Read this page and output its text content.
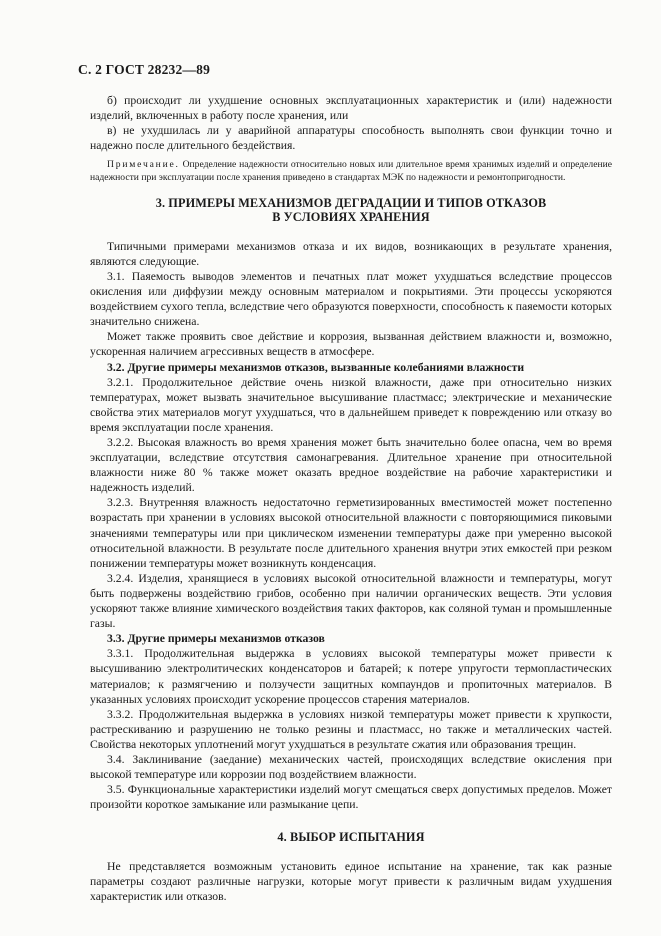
С. 2 ГОСТ 28232—89

б) происходит ли ухудшение основных эксплуатационных характеристик и (или) надежности изделий, включенных в работу после хранения, или

в) не ухудшилась ли у аварийной аппаратуры способность выполнять свои функции точно и надежно после длительного бездействия.

Примечание. Определение надежности относительно новых или длительное время хранимых изделий и определение надежности при эксплуатации после хранения приведено в стандартах МЭК по надежности и ремонтопригодности.

3. ПРИМЕРЫ МЕХАНИЗМОВ ДЕГРАДАЦИИ И ТИПОВ ОТКАЗОВ

В УСЛОВИЯХ ХРАНЕНИЯ

Типичными примерами механизмов отказа и их видов, возникающих в результате хранения, являются следующие.

3.1. Паяемость выводов элементов и печатных плат может ухудшаться вследствие процессов окисления или диффузии между основным материалом и покрытиями. Эти процессы ускоряются воздействием сухого тепла, вследствие чего образуются поверхности, способность к паяемости которых значительно снижена.

Может также проявить свое действие и коррозия, вызванная действием влажности и, возможно, ускоренная наличием агрессивных веществ в атмосфере.

3.2. Другие примеры механизмов отказов, вызванные колебаниями влажности

3.2.1. Продолжительное действие очень низкой влажности, даже при относительно низких температурах, может вызвать значительное высушивание пластмасс; электрические и механические свойства этих материалов могут ухудшаться, что в дальнейшем приведет к повреждению или отказу во время эксплуатации после хранения.

3.2.2. Высокая влажность во время хранения может быть значительно более опасна, чем во время эксплуатации, вследствие отсутствия самонагревания. Длительное хранение при относительной влажности ниже 80 % также может оказать вредное воздействие на рабочие характеристики и надежность изделий.

3.2.3. Внутренняя влажность недостаточно герметизированных вместимостей может постепенно возрастать при хранении в условиях высокой относительной влажности с повторяющимися пиковыми значениями температуры или при циклическом изменении температуры даже при умеренно высокой относительной влажности. В результате после длительного хранения внутри этих емкостей при резком понижении температуры может возникнуть конденсация.

3.2.4. Изделия, хранящиеся в условиях высокой относительной влажности и температуры, могут быть подвержены воздействию грибов, особенно при наличии органических веществ. Эти условия ускоряют также влияние химического воздействия таких факторов, как соляной туман и промышленные газы.

3.3. Другие примеры механизмов отказов

3.3.1. Продолжительная выдержка в условиях высокой температуры может привести к высушиванию электролитических конденсаторов и батарей; к потере упругости термопластических материалов; к размягчению и ползучести защитных компаундов и пропиточных материалов. В указанных условиях происходит ускорение процессов старения материалов.

3.3.2. Продолжительная выдержка в условиях низкой температуры может привести к хрупкости, растрескиванию и разрушению не только резины и пластмасс, но также и металлических частей. Свойства некоторых уплотнений могут ухудшаться в результате сжатия или образования трещин.

3.4. Заклинивание (заедание) механических частей, происходящих вследствие окисления при высокой температуре или коррозии под воздействием влажности.

3.5. Функциональные характеристики изделий могут смещаться сверх допустимых пределов. Может произойти короткое замыкание или размыкание цепи.

4. ВЫБОР ИСПЫТАНИЯ

Не представляется возможным установить единое испытание на хранение, так как разные параметры создают различные нагрузки, которые могут привести к различным видам ухудшения характеристик или отказов.
